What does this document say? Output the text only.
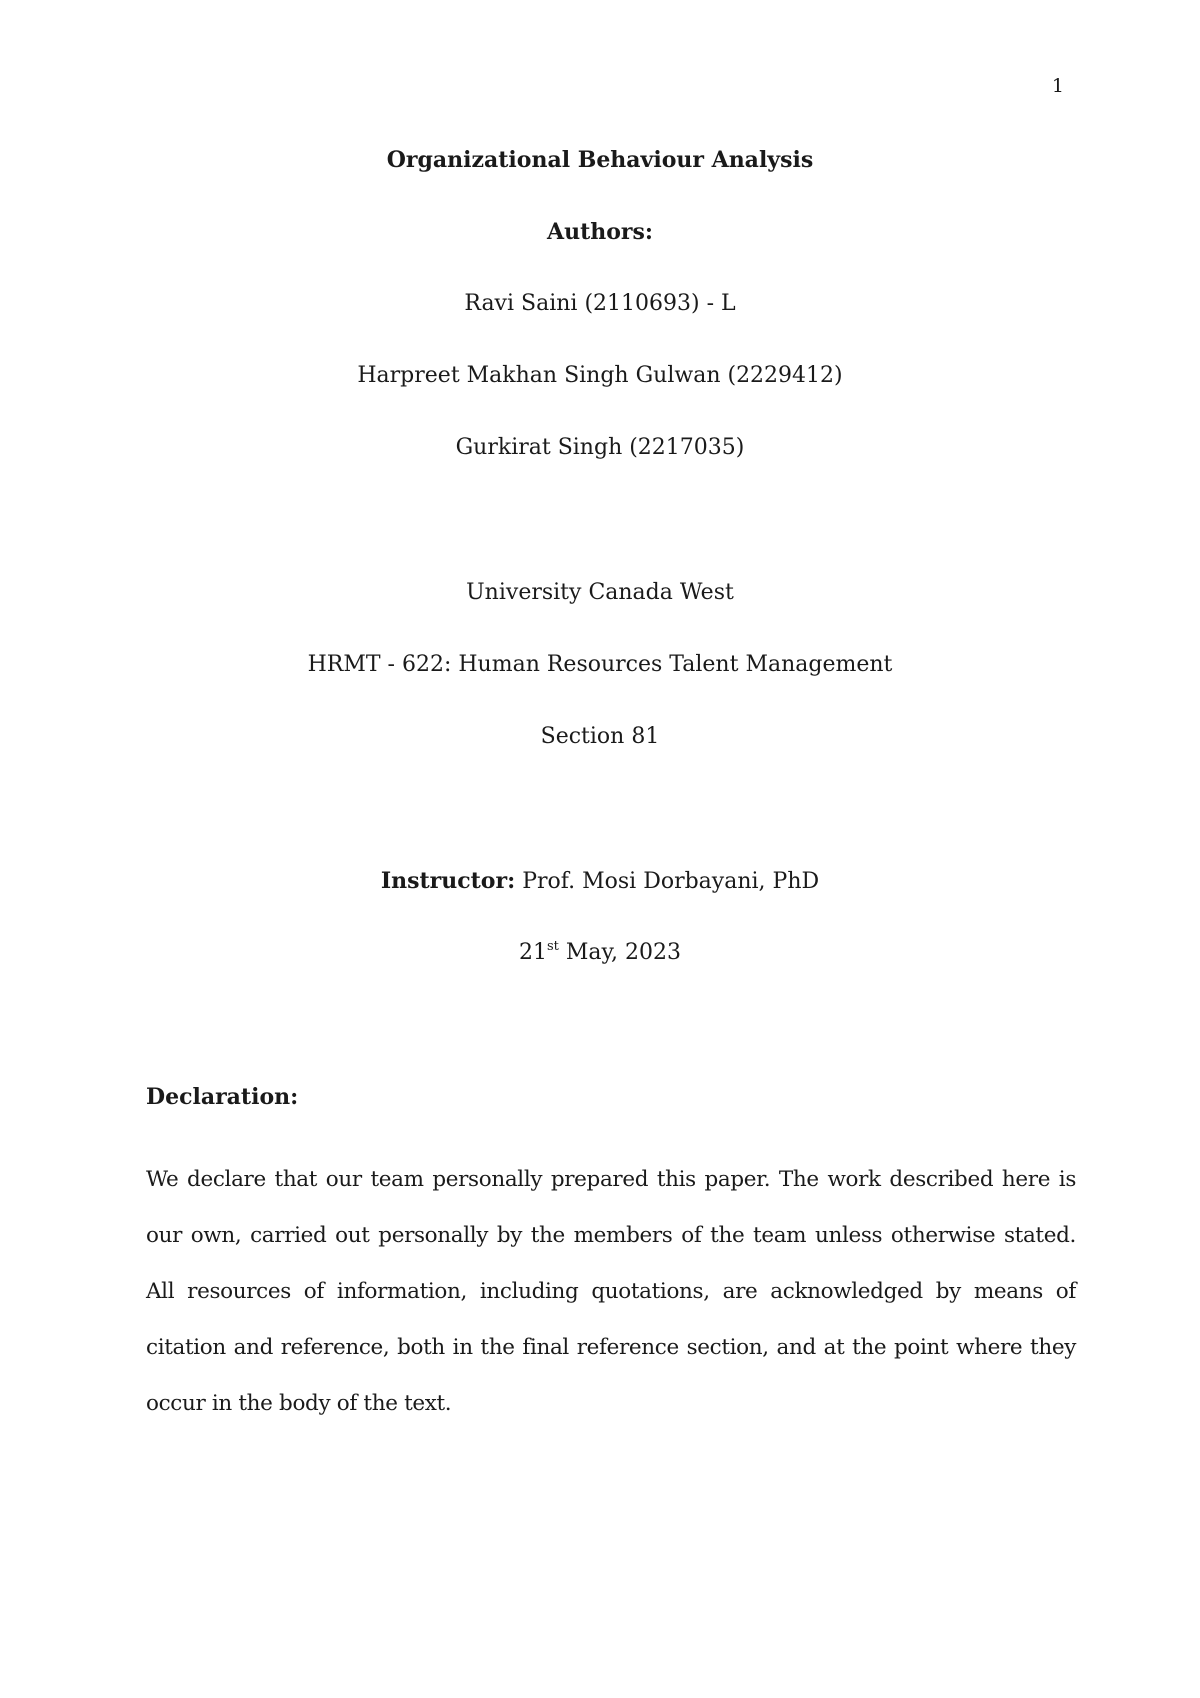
1
Organizational Behaviour Analysis
Authors:
Ravi Saini (2110693) - L
Harpreet Makhan Singh Gulwan (2229412)
Gurkirat Singh (2217035)
University Canada West
HRMT - 622: Human Resources Talent Management
Section 81
Instructor: Prof. Mosi Dorbayani, PhD
21st May, 2023
Declaration:
We declare that our team personally prepared this paper. The work described here is our own, carried out personally by the members of the team unless otherwise stated. All resources of information, including quotations, are acknowledged by means of citation and reference, both in the final reference section, and at the point where they occur in the body of the text.
